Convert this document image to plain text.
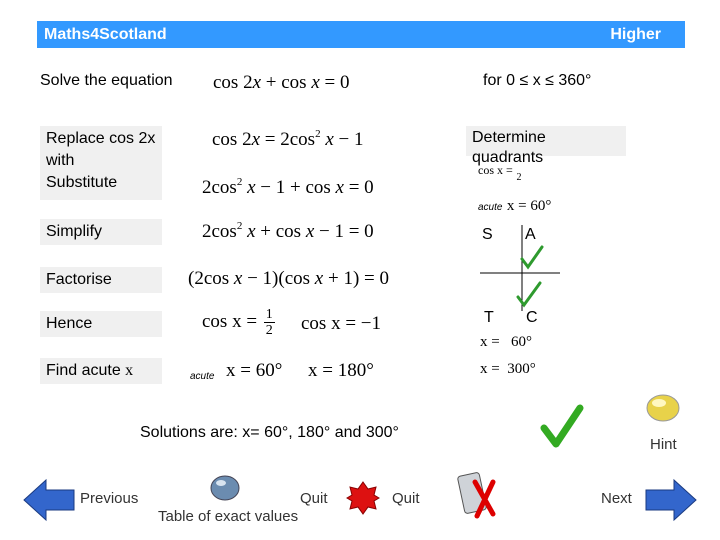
Maths4Scotland	Higher
Solve the equation cos 2x + cos x = 0	for 0 ≤ x ≤ 360°
Replace cos 2x with
Substitute
$\cos 2x = 2\cos^2$ x − 1
$2\cos^2$ x − 1 + cos x = 0
Simplify	$2\cos^2$ x + cos x − 1 = 0
Factorise	(2cos x − 1)(cos x + 1) = 0
Hence	$\cos x = \frac{1}{2}$ cos x = −1
Find acute x	acute x = 60° x = 180°
Determine quadrants
cos x = $_2$
acute x = 60°
S A
T C
x =   60°
x =  300°
Solutions are: x= 60°, 180° and 300°
Hint
Previous	Quit
Table of exact values
Quit	Next
